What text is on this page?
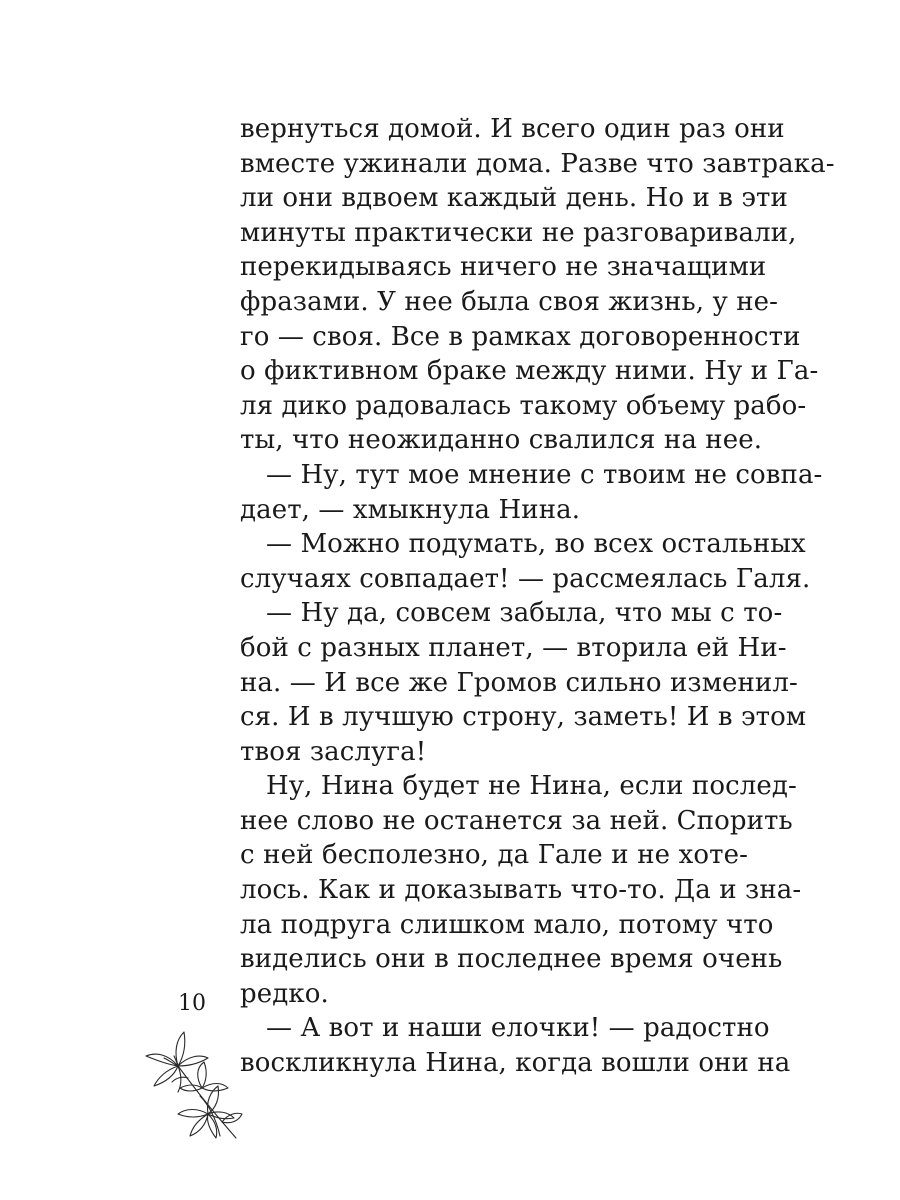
вернуться домой. И всего один раз они
вместе ужинали дома. Разве что завтрака-
ли они вдвоем каждый день. Но и в эти
минуты практически не разговаривали,
перекидываясь ничего не значащими
фразами. У нее была своя жизнь, у не-
го — своя. Все в рамках договоренности
о фиктивном браке между ними. Ну и Га-
ля дико радовалась такому объему рабо-
ты, что неожиданно свалился на нее.
— Ну, тут мое мнение с твоим не совпа-
дает, — хмыкнула Нина.
— Можно подумать, во всех остальных
случаях совпадает! — рассмеялась Галя.
— Ну да, совсем забыла, что мы с то-
бой с разных планет, — вторила ей Ни-
на. — И все же Громов сильно изменил-
ся. И в лучшую строну, заметь! И в этом
твоя заслуга!
Ну, Нина будет не Нина, если послед-
нее слово не останется за ней. Спорить
с ней бесполезно, да Гале и не хоте-
лось. Как и доказывать что-то. Да и зна-
ла подруга слишком мало, потому что
виделись они в последнее время очень
редко.
— А вот и наши елочки! — радостно
воскликнула Нина, когда вошли они на
10
